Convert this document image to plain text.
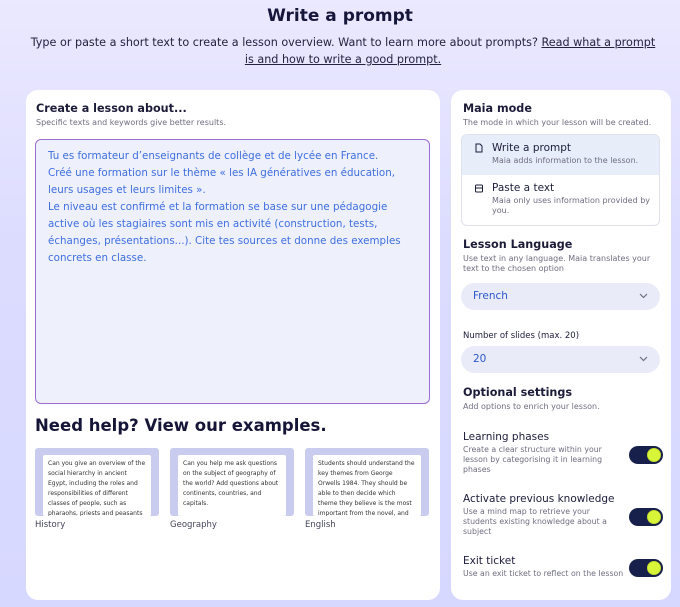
Write a prompt
Type or paste a short text to create a lesson overview. Want to learn more about prompts? Read what a prompt is and how to write a good prompt.
Create a lesson about...
Specific texts and keywords give better results.
Tu es formateur d’enseignants de collège et de lycée en France.
Créé une formation sur le thème « les IA génératives en éducation, leurs usages et leurs limites ».
Le niveau est confirmé et la formation se base sur une pédagogie active où les stagiaires sont mis en activité (construction, tests, échanges, présentations...). Cite tes sources et donne des exemples concrets en classe.
Need help? View our examples.
Can you give an overview of the social hierarchy in ancient Egypt, including the roles and responsibilities of different classes of people, such as pharaohs, priests and peasants
History
Can you help me ask questions on the subject of geography of the world? Add questions about continents, countries, and capitals.
Geography
Students should understand the key themes from George Orwells 1984. They should be able to then decide which theme they believe is the most important from the novel, and
English
Maia mode
The mode in which your lesson will be created.
Write a prompt
Maia adds information to the lesson.
Paste a text
Maia only uses information provided by you.
Lesson Language
Use text in any language. Maia translates your text to the chosen option
French
Number of slides (max. 20)
20
Optional settings
Add options to enrich your lesson.
Learning phases
Create a clear structure within your lesson by categorising it in learning phases
Activate previous knowledge
Use a mind map to retrieve your students existing knowledge about a subject
Exit ticket
Use an exit ticket to reflect on the lesson
